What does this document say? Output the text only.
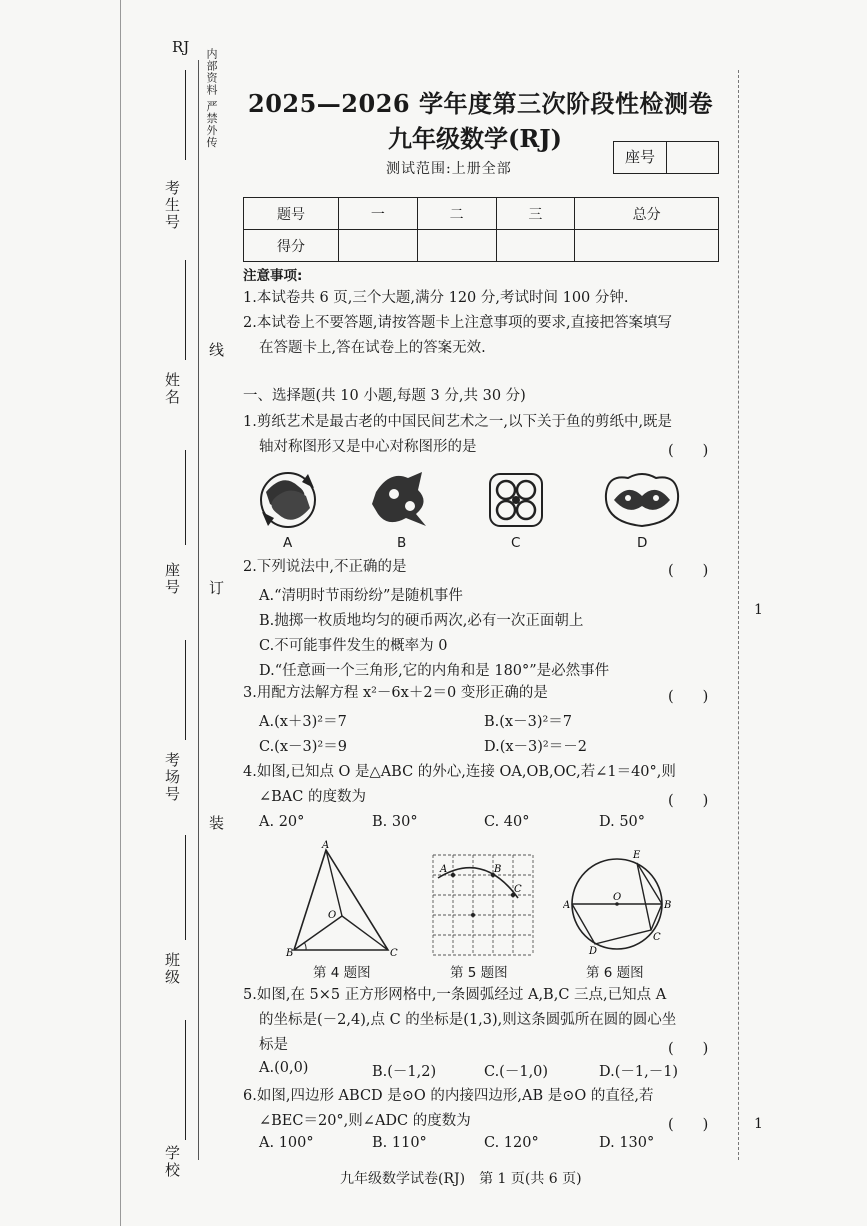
RJ
内部资料 严禁外传
考生号
姓名
座号
考场号
班级
学校
线
订
装
1
1
2025—2026 学年度第三次阶段性检测卷
九年级数学(RJ)
测试范围:上册全部
座号
题号	一	二	三	总分
得分				
注意事项:
1.本试卷共 6 页,三个大题,满分 120 分,考试时间 100 分钟.
2.本试卷上不要答题,请按答题卡上注意事项的要求,直接把答案填写
在答题卡上,答在试卷上的答案无效.
一、选择题(共 10 小题,每题 3 分,共 30 分)
1.剪纸艺术是最古老的中国民间艺术之一,以下关于鱼的剪纸中,既是
轴对称图形又是中心对称图形的是	(　　)
A	B	C	D
2.下列说法中,不正确的是	(　　)
A.“清明时节雨纷纷”是随机事件
B.抛掷一枚质地均匀的硬币两次,必有一次正面朝上
C.不可能事件发生的概率为 0
D.“任意画一个三角形,它的内角和是 180°”是必然事件
3.用配方法解方程 x²－6x＋2＝0 变形正确的是	(　　)
A.(x＋3)²＝7	B.(x－3)²＝7
C.(x－3)²＝9	D.(x－3)²＝－2
4.如图,已知点 O 是△ABC 的外心,连接 OA,OB,OC,若∠1＝40°,则
∠BAC 的度数为	(　　)
A. 20°	B. 30°	C. 40°	D. 50°
A
B	C
O
第 4 题图
A	B
C
第 5 题图
A	B
C
D
E
O
第 6 题图
5.如图,在 5×5 正方形网格中,一条圆弧经过 A,B,C 三点,已知点 A
的坐标是(－2,4),点 C 的坐标是(1,3),则这条圆弧所在圆的圆心坐
标是	(　　)
A.(0,0)	B.(－1,2)	C.(－1,0)	D.(－1,－1)
6.如图,四边形 ABCD 是⊙O 的内接四边形,AB 是⊙O 的直径,若
∠BEC＝20°,则∠ADC 的度数为	(　　)
A. 100°	B. 110°	C. 120°	D. 130°
九年级数学试卷(RJ)　第 1 页(共 6 页)
